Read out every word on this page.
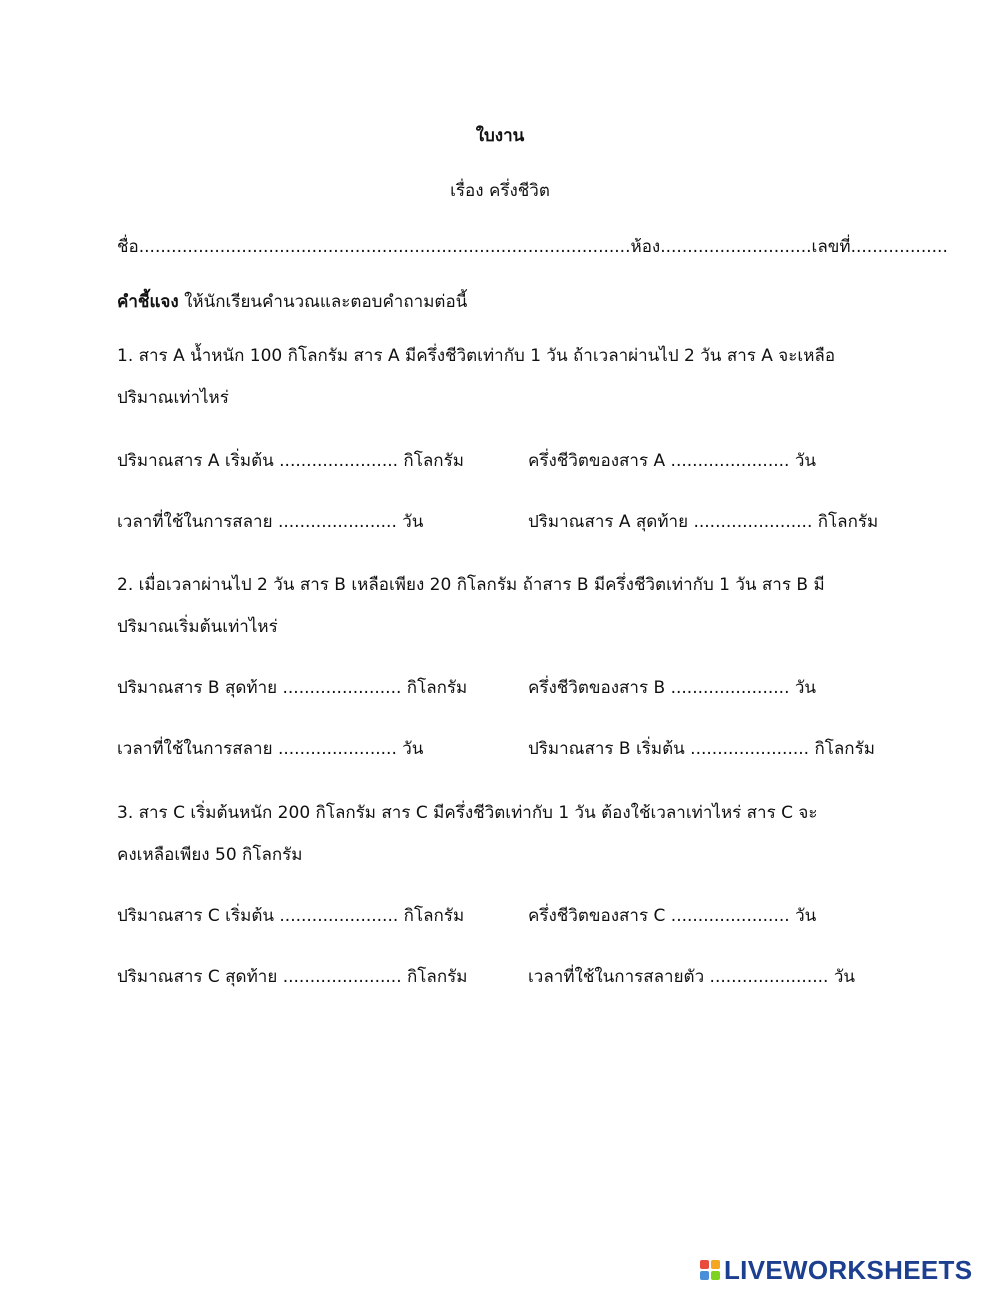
ใบงาน
เรื่อง ครึ่งชีวิต
ชื่อ...........................................................................................ห้อง............................เลขที่..................
คำชี้แจง ให้นักเรียนคำนวณและตอบคำถามต่อนี้
1. สาร A น้ำหนัก 100 กิโลกรัม สาร A มีครึ่งชีวิตเท่ากับ 1 วัน ถ้าเวลาผ่านไป 2 วัน สาร A จะเหลือ
ปริมาณเท่าไหร่
ปริมาณสาร A เริ่มต้น ...................... กิโลกรัม	ครึ่งชีวิตของสาร A ...................... วัน
เวลาที่ใช้ในการสลาย ...................... วัน	ปริมาณสาร A สุดท้าย ...................... กิโลกรัม
2. เมื่อเวลาผ่านไป 2 วัน สาร B เหลือเพียง 20 กิโลกรัม ถ้าสาร B มีครึ่งชีวิตเท่ากับ 1 วัน สาร B มี
ปริมาณเริ่มต้นเท่าไหร่
ปริมาณสาร B สุดท้าย ...................... กิโลกรัม	ครึ่งชีวิตของสาร B ...................... วัน
เวลาที่ใช้ในการสลาย ...................... วัน	ปริมาณสาร B เริ่มต้น ...................... กิโลกรัม
3. สาร C เริ่มต้นหนัก 200 กิโลกรัม สาร C มีครึ่งชีวิตเท่ากับ 1 วัน ต้องใช้เวลาเท่าไหร่ สาร C จะ
คงเหลือเพียง 50 กิโลกรัม
ปริมาณสาร C เริ่มต้น ...................... กิโลกรัม	ครึ่งชีวิตของสาร C ...................... วัน
ปริมาณสาร C สุดท้าย ...................... กิโลกรัม	เวลาที่ใช้ในการสลายตัว ...................... วัน
LIVEWORKSHEETS
